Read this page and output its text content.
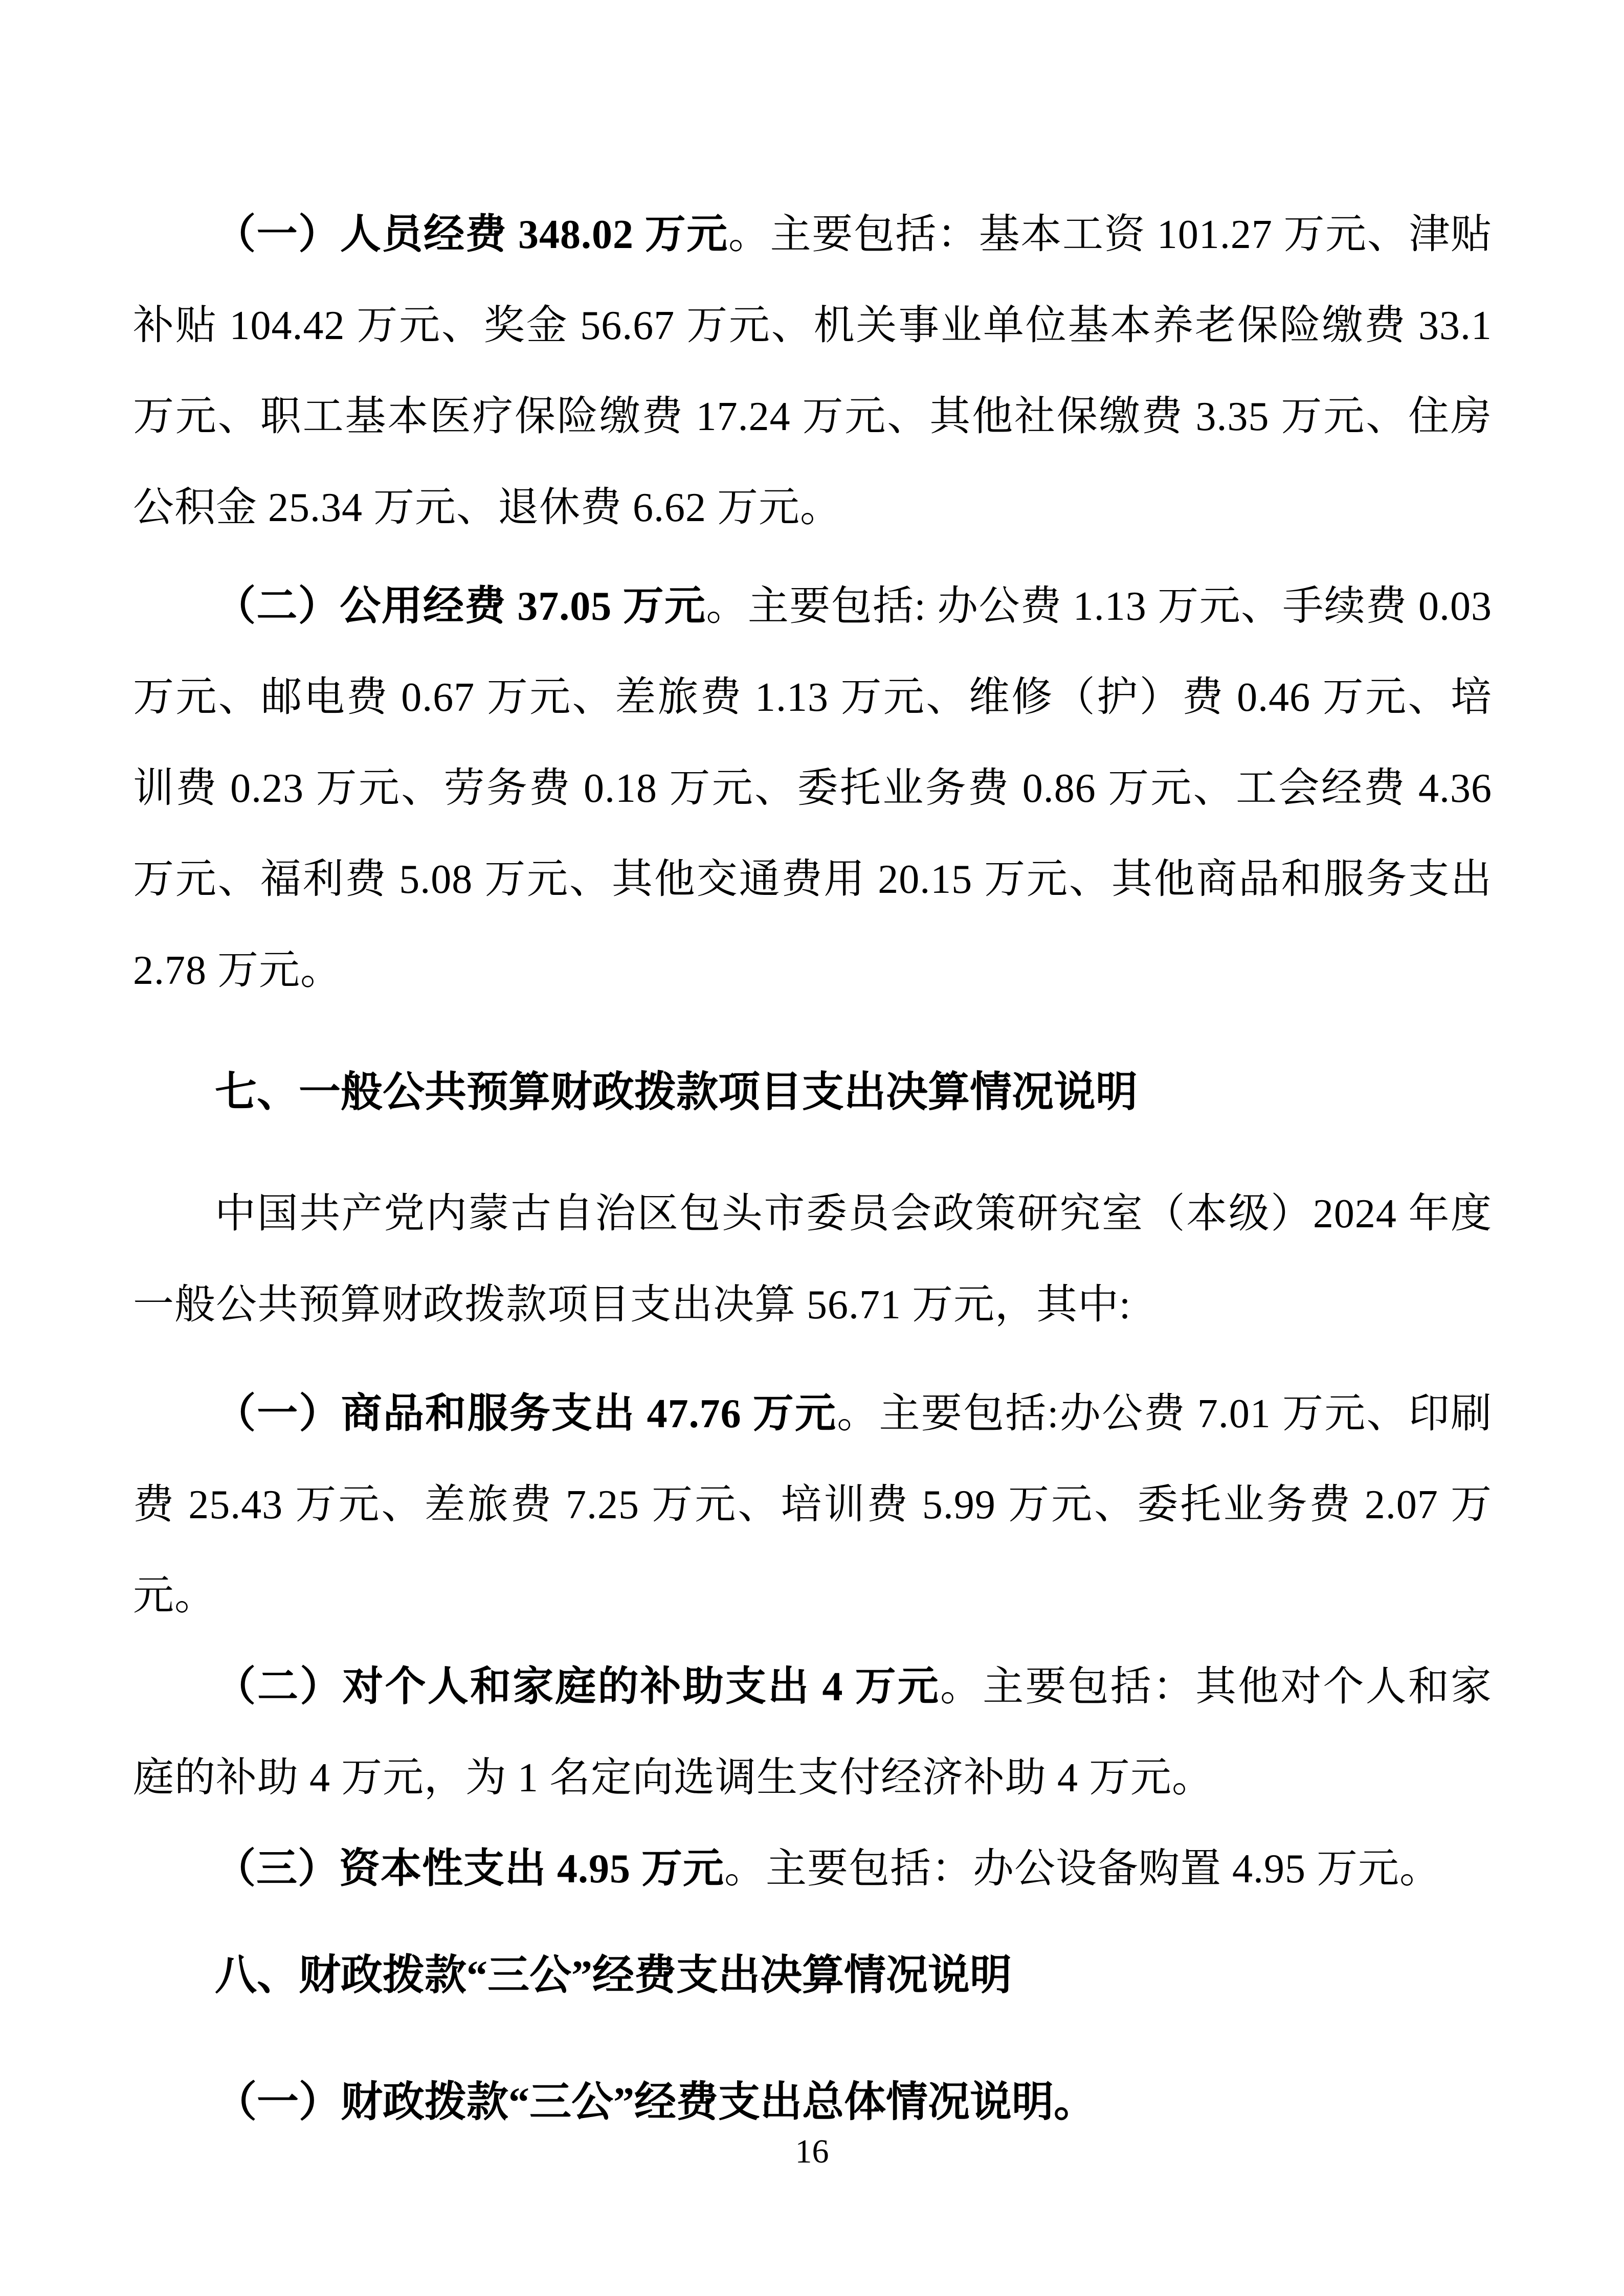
（一）人员经费 348.02 万元。主要包括：基本工资 101.27 万元、津贴补贴 104.42 万元、奖金 56.67 万元、机关事业单位基本养老保险缴费 33.1 万元、职工基本医疗保险缴费 17.24 万元、其他社保缴费 3.35 万元、住房公积金 25.34 万元、退休费 6.62 万元。

（二）公用经费 37.05 万元。主要包括: 办公费 1.13 万元、手续费 0.03 万元、邮电费 0.67 万元、差旅费 1.13 万元、维修（护）费 0.46 万元、培训费 0.23 万元、劳务费 0.18 万元、委托业务费 0.86 万元、工会经费 4.36 万元、福利费 5.08 万元、其他交通费用 20.15 万元、其他商品和服务支出 2.78 万元。

七、一般公共预算财政拨款项目支出决算情况说明

中国共产党内蒙古自治区包头市委员会政策研究室（本级）2024 年度一般公共预算财政拨款项目支出决算 56.71 万元，其中:

（一）商品和服务支出 47.76 万元。主要包括:办公费 7.01 万元、印刷费 25.43 万元、差旅费 7.25 万元、培训费 5.99 万元、委托业务费 2.07 万元。

（二）对个人和家庭的补助支出 4 万元。主要包括：其他对个人和家庭的补助 4 万元，为 1 名定向选调生支付经济补助 4 万元。

（三）资本性支出 4.95 万元。主要包括：办公设备购置 4.95 万元。

八、财政拨款“三公”经费支出决算情况说明

（一）财政拨款“三公”经费支出总体情况说明。

16
